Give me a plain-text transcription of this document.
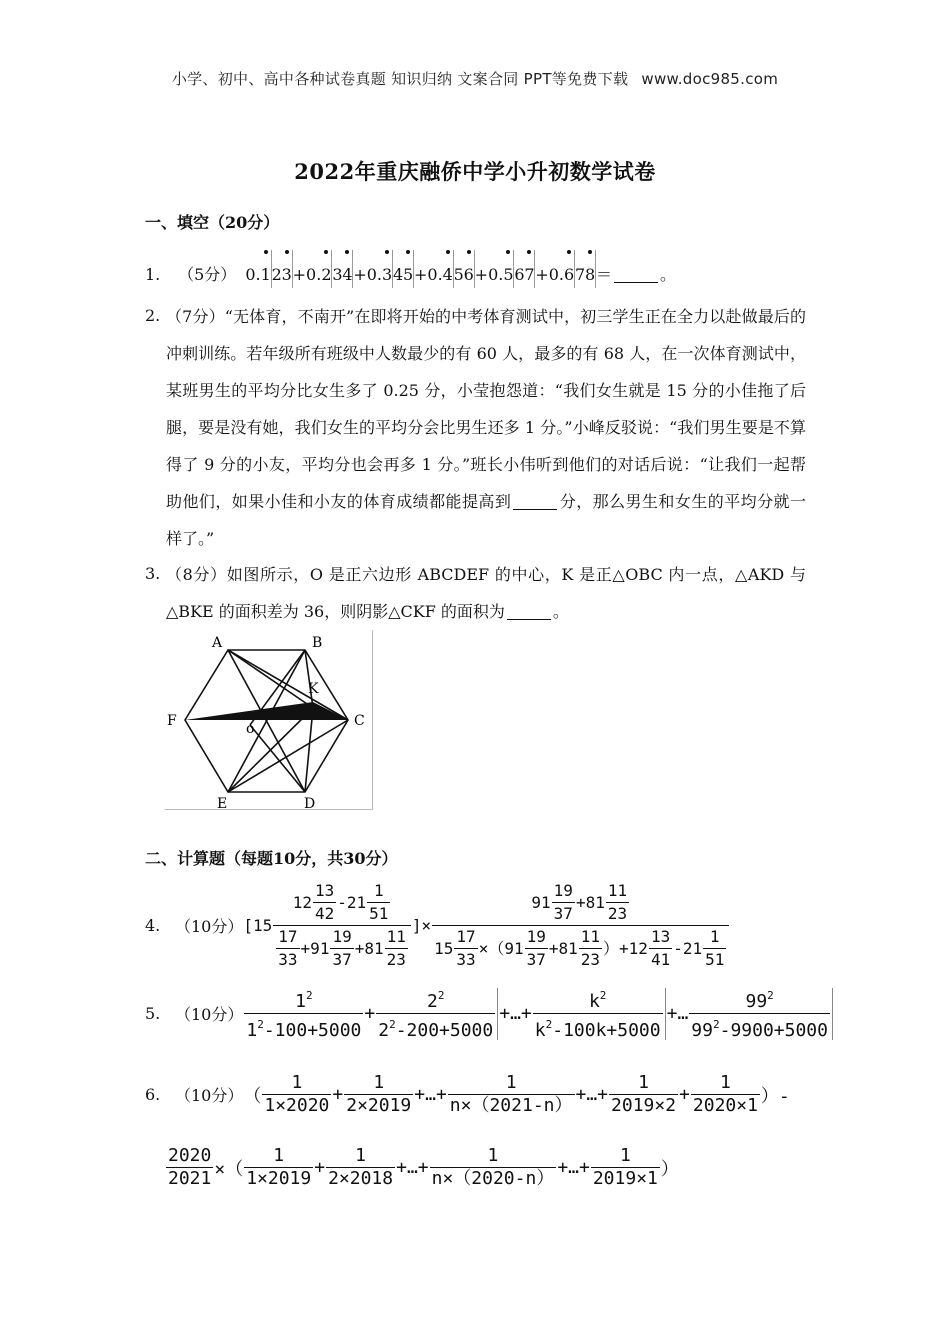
小学、初中、高中各种试卷真题 知识归纳 文案合同 PPT等免费下载 www.doc985.com
2022年重庆融侨中学小升初数学试卷
一、填空（20分）
1. （5分） 0.123+0.234+0.345+0.456+0.567+0.678＝	。
2. （7分）“无体育，不南开”在即将开始的中考体育测试中，初三学生正在全力以赴做最后的冲刺训练。若年级所有班级中人数最少的有 60 人，最多的有 68 人，在一次体育测试中，某班男生的平均分比女生多了 0.25 分，小莹抱怨道：“我们女生就是 15 分的小佳拖了后腿，要是没有她，我们女生的平均分会比男生还多 1 分。”小峰反驳说：“我们男生要是不算得了 9 分的小友，平均分也会再多 1 分。”班长小伟听到他们的对话后说：“让我们一起帮助他们，如果小佳和小友的体育成绩都能提高到	分，那么男生和女生的平均分就一样了。”
3. （8分）如图所示，O 是正六边形 ABCDEF 的中心，K 是正△OBC 内一点，△AKD 与△BKE 的面积差为 36，则阴影△CKF 的面积为	。
A	B
C
D
E
F
K
o
二、计算题（每题10分，共30分）
4. （10分） [15
$12 \frac{13}{42} -21 \frac{1}{51}$
$\frac{17}{33} +91 \frac{19}{37} +81 \frac{11}{23}$
]×
$91 \frac{19}{37} +81 \frac{11}{23}$
$15 \frac{17}{33} \times(91 \frac{19}{37} +81 \frac{11}{23} )+12 \frac{13}{41} -21 \frac{1}{51}$
5. （10分） $\frac{1^2}{1^2-100+5000} + \frac{2^2}{2^2-200+5000}$ +…+ $\frac{k^2}{k^2-100k+5000}$ +… $\frac{99^2}{99^2-9900+5000}$
6. （10分） （ $\frac{1}{1\times 2020} + \frac{1}{2\times 2019}$ +…+ $\frac{1}{n\times(2021-n)}$ +…+ $\frac{1}{2019\times 2} + \frac{1}{2020\times 1}$ ）-
$\frac{2020}{2021}$ ×（ $\frac{1}{1\times 2019} + \frac{1}{2\times 2018}$ +…+ $\frac{1}{n\times(2020-n)}$ +…+ $\frac{1}{2019\times 1}$ ）
